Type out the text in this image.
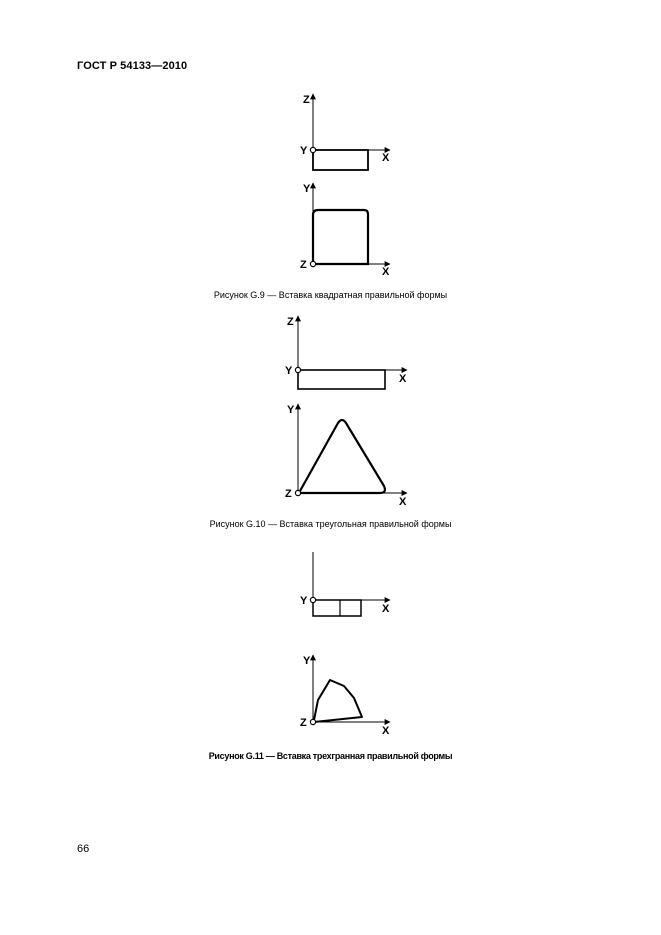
ГОСТ Р 54133—2010
Z
X
Y
Y
X
Z
Z
X
Y
Y
X
Z
X
Y
Y
X
Z
Рисунок G.9 — Вставка квадратная правильной формы
Рисунок G.10 — Вставка треугольная правильной формы
Рисунок G.11 — Вставка трехгранная правильной формы
66
